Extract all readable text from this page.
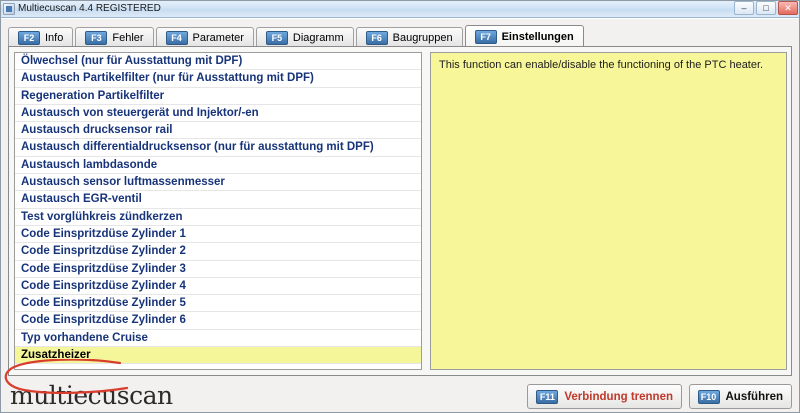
Multiecuscan 4.4 REGISTERED	–	□	✕
F2 Info	F3 Fehler	F4 Parameter	F5 Diagramm	F6 Baugruppen	F7 Einstellungen
Ölwechsel (nur für Ausstattung mit DPF)
Austausch Partikelfilter (nur für Ausstattung mit DPF)
Regeneration Partikelfilter
Austausch von steuergerät und Injektor/-en
Austausch drucksensor rail
Austausch differentialdrucksensor (nur für ausstattung mit DPF)
Austausch lambdasonde
Austausch sensor luftmassenmesser
Austausch EGR-ventil
Test vorglühkreis zündkerzen
Code Einspritzdüse Zylinder 1
Code Einspritzdüse Zylinder 2
Code Einspritzdüse Zylinder 3
Code Einspritzdüse Zylinder 4
Code Einspritzdüse Zylinder 5
Code Einspritzdüse Zylinder 6
Typ vorhandene Cruise
Zusatzheizer
This function can enable/disable the functioning of the PTC heater.
multiecuscan	F11 Verbindung trennen	F10 Ausführen
